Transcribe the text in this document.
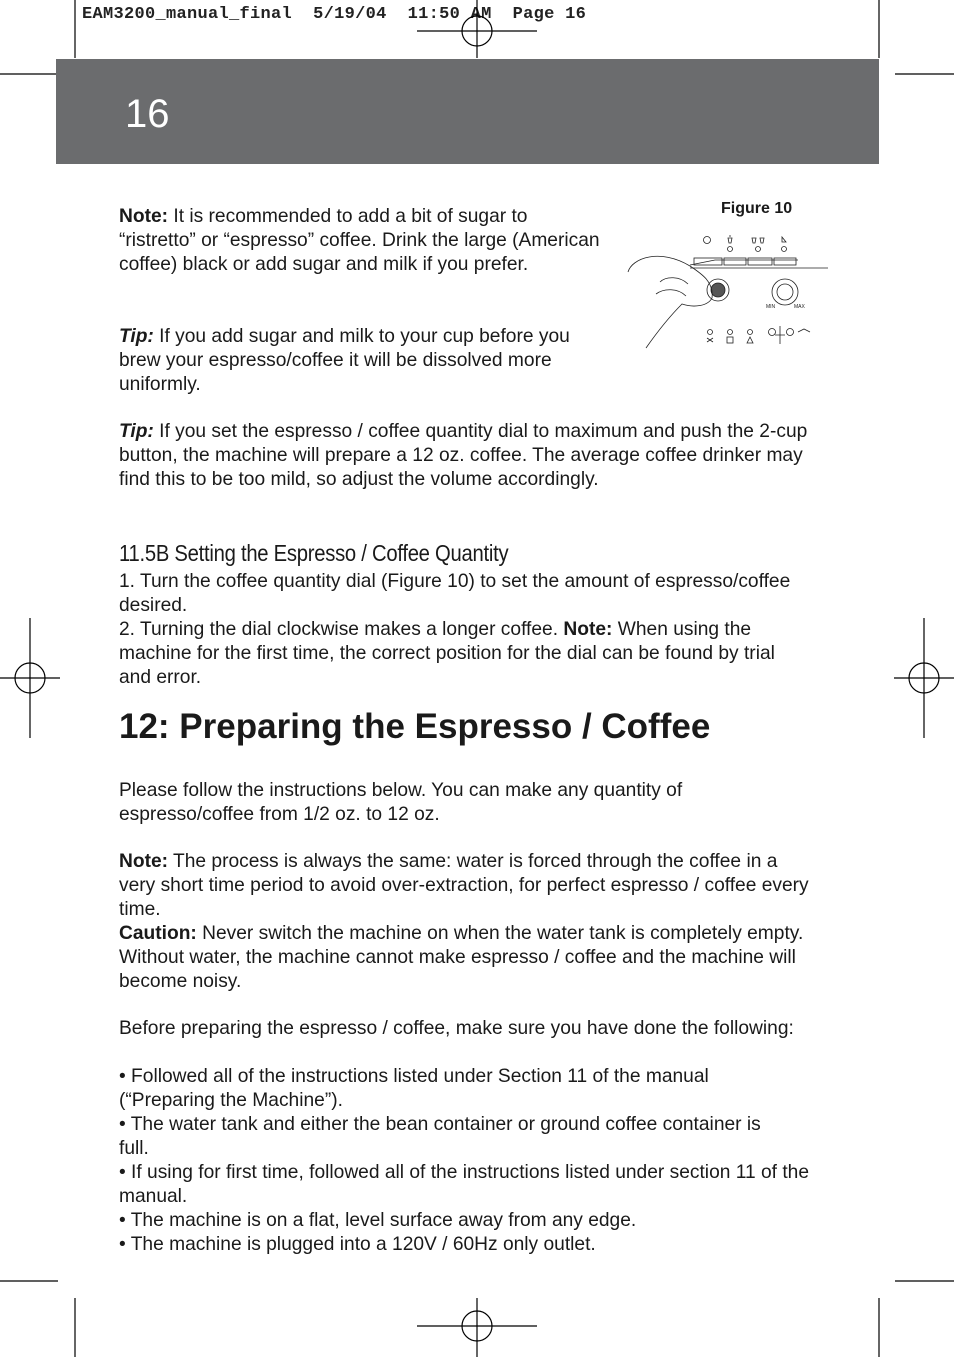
EAM3200_manual_final 5/19/04 11:50 AM Page 16
16

Note: It is recommended to add a bit of sugar to “ristretto” or “espresso” coffee. Drink the large (American coffee) black or add sugar and milk if you prefer.

Tip: If you add sugar and milk to your cup before you brew your espresso/coffee it will be dissolved more uniformly.

Tip: If you set the espresso / coffee quantity dial to maximum and push the 2-cup button, the machine will prepare a 12 oz. coffee. The average coffee drinker may find this to be too mild, so adjust the volume accordingly.

Figure 10

MIN	MAX
11.5B Setting the Espresso / Coffee Quantity

1. Turn the coffee quantity dial (Figure 10) to set the amount of espresso/coffee desired.

2. Turning the dial clockwise makes a longer coffee. Note: When using the machine for the first time, the correct position for the dial can be found by trial and error.

12: Preparing the Espresso / Coffee

Please follow the instructions below. You can make any quantity of espresso/coffee from 1/2 oz. to 12 oz.

Note: The process is always the same: water is forced through the coffee in a very short time period to avoid over-extraction, for perfect espresso / coffee every time.

Caution: Never switch the machine on when the water tank is completely empty. Without water, the machine cannot make espresso / coffee and the machine will become noisy.

Before preparing the espresso / coffee, make sure you have done the following:

• Followed all of the instructions listed under Section 11 of the manual (“Preparing the Machine”).

• The water tank and either the bean container or ground coffee container is full.

• If using for first time, followed all of the instructions listed under section 11 of the manual.

• The machine is on a flat, level surface away from any edge.

• The machine is plugged into a 120V / 60Hz only outlet.
